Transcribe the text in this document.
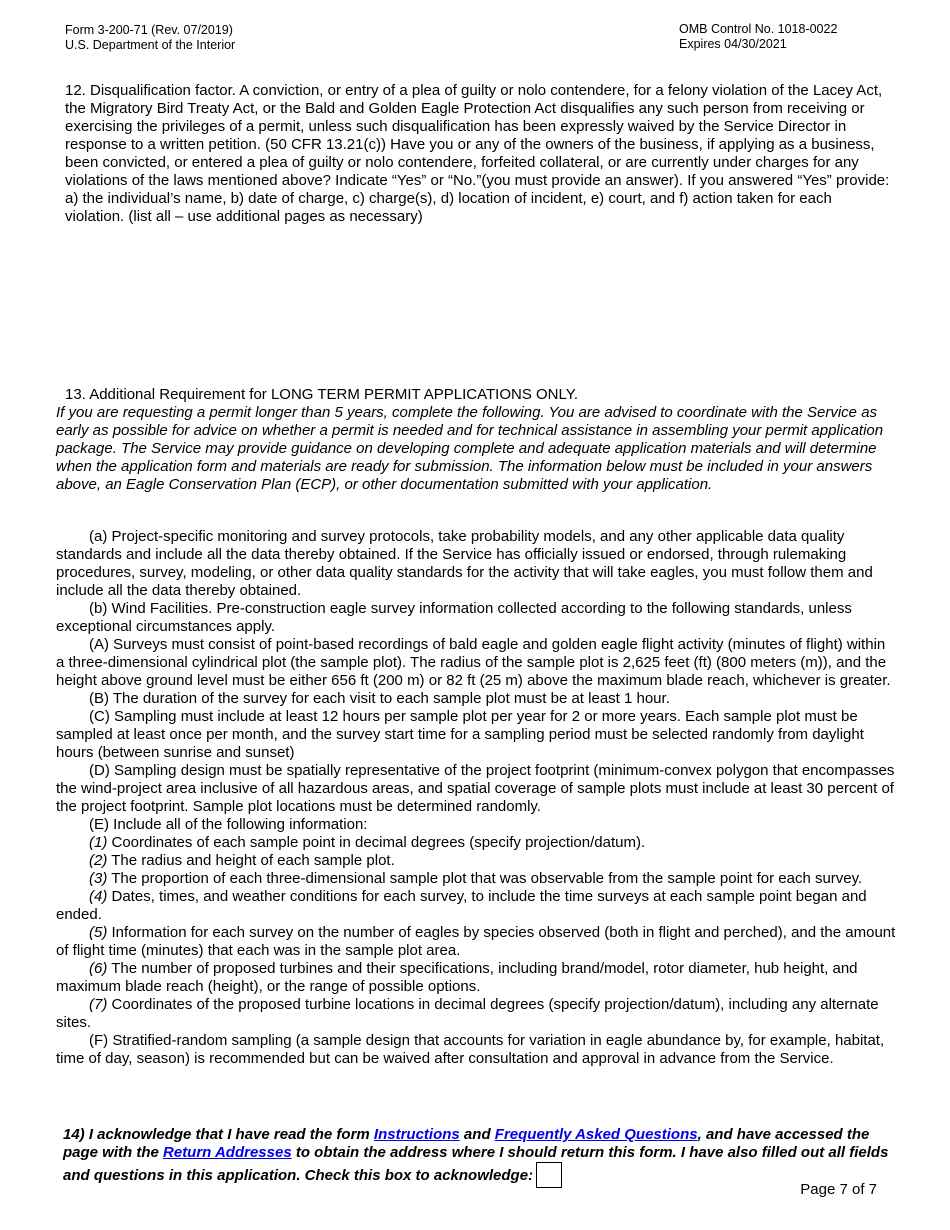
Form 3-200-71 (Rev. 07/2019)
U.S. Department of the Interior
OMB Control No. 1018-0022
Expires 04/30/2021
12. Disqualification factor. A conviction, or entry of a plea of guilty or nolo contendere, for a felony violation of the Lacey Act, the Migratory Bird Treaty Act, or the Bald and Golden Eagle Protection Act disqualifies any such person from receiving or exercising the privileges of a permit, unless such disqualification has been expressly waived by the Service Director in response to a written petition. (50 CFR 13.21(c)) Have you or any of the owners of the business, if applying as a business, been convicted, or entered a plea of guilty or nolo contendere, forfeited collateral, or are currently under charges for any violations of the laws mentioned above? Indicate “Yes” or “No.”(you must provide an answer). If you answered “Yes” provide: a) the individual’s name, b) date of charge, c) charge(s), d) location of incident, e) court, and f) action taken for each violation. (list all – use additional pages as necessary)
13. Additional Requirement for LONG TERM PERMIT APPLICATIONS ONLY.
If you are requesting a permit longer than 5 years, complete the following. You are advised to coordinate with the Service as early as possible for advice on whether a permit is needed and for technical assistance in assembling your permit application package. The Service may provide guidance on developing complete and adequate application materials and will determine when the application form and materials are ready for submission. The information below must be included in your answers above, an Eagle Conservation Plan (ECP), or other documentation submitted with your application.

(a) Project-specific monitoring and survey protocols, take probability models, and any other applicable data quality standards and include all the data thereby obtained. If the Service has officially issued or endorsed, through rulemaking procedures, survey, modeling, or other data quality standards for the activity that will take eagles, you must follow them and include all the data thereby obtained.

(b) Wind Facilities. Pre-construction eagle survey information collected according to the following standards, unless exceptional circumstances apply.

(A) Surveys must consist of point-based recordings of bald eagle and golden eagle flight activity (minutes of flight) within a three-dimensional cylindrical plot (the sample plot). The radius of the sample plot is 2,625 feet (ft) (800 meters (m)), and the height above ground level must be either 656 ft (200 m) or 82 ft (25 m) above the maximum blade reach, whichever is greater.

(B) The duration of the survey for each visit to each sample plot must be at least 1 hour.

(C) Sampling must include at least 12 hours per sample plot per year for 2 or more years. Each sample plot must be sampled at least once per month, and the survey start time for a sampling period must be selected randomly from daylight hours (between sunrise and sunset)

(D) Sampling design must be spatially representative of the project footprint (minimum-convex polygon that encompasses the wind-project area inclusive of all hazardous areas, and spatial coverage of sample plots must include at least 30 percent of the project footprint. Sample plot locations must be determined randomly.

(E) Include all of the following information:

(1) Coordinates of each sample point in decimal degrees (specify projection/datum).

(2) The radius and height of each sample plot.

(3) The proportion of each three-dimensional sample plot that was observable from the sample point for each survey.

(4) Dates, times, and weather conditions for each survey, to include the time surveys at each sample point began and ended.

(5) Information for each survey on the number of eagles by species observed (both in flight and perched), and the amount of flight time (minutes) that each was in the sample plot area.

(6) The number of proposed turbines and their specifications, including brand/model, rotor diameter, hub height, and maximum blade reach (height), or the range of possible options.

(7) Coordinates of the proposed turbine locations in decimal degrees (specify projection/datum), including any alternate sites.

(F) Stratified-random sampling (a sample design that accounts for variation in eagle abundance by, for example, habitat, time of day, season) is recommended but can be waived after consultation and approval in advance from the Service.

14) I acknowledge that I have read the form Instructions and Frequently Asked Questions, and have accessed the page with the Return Addresses to obtain the address where I should return this form. I have also filled out all fields and questions in this application. Check this box to acknowledge:
Page 7 of 7
